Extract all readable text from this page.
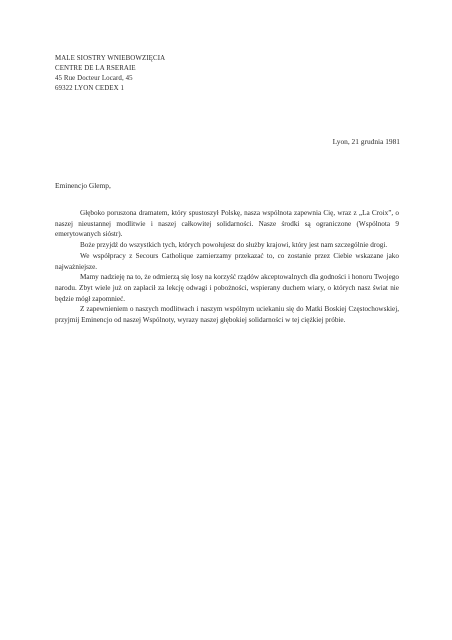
MALE SIOSTRY WNIEBOWZIĘCIA
CENTRE DE LA RSERAIE
45 Rue Docteur Locard, 45
69322 LYON CEDEX 1
Lyon, 21 grudnia 1981
Eminencjo Glemp,

Głęboko poruszona dramatem, który spustoszył Polskę, nasza wspólnota zapewnia Cię, wraz z „La Croix”, o naszej nieustannej modlitwie i naszej całkowitej solidarności. Nasze środki są ograniczone (Wspólnota 9 emerytowanych sióstr).

Boże przyjdź do wszystkich tych, których powołujesz do służby krajowi, który jest nam szczególnie drogi.

We współpracy z Secours Catholique zamierzamy przekazać to, co zostanie przez Ciebie wskazane jako najważniejsze.

Mamy nadzieję na to, że odmierzą się losy na korzyść rządów akceptowalnych dla godności i honoru Twojego narodu. Zbyt wiele już on zapłacił za lekcję odwagi i pobożności, wspierany duchem wiary, o których nasz świat nie będzie mógł zapomnieć.

Z zapewnieniem o naszych modlitwach i naszym wspólnym uciekaniu się do Matki Boskiej Częstochowskiej, przyjmij Eminencjo od naszej Wspólnoty, wyrazy naszej głębokiej solidarności w tej ciężkiej próbie.
